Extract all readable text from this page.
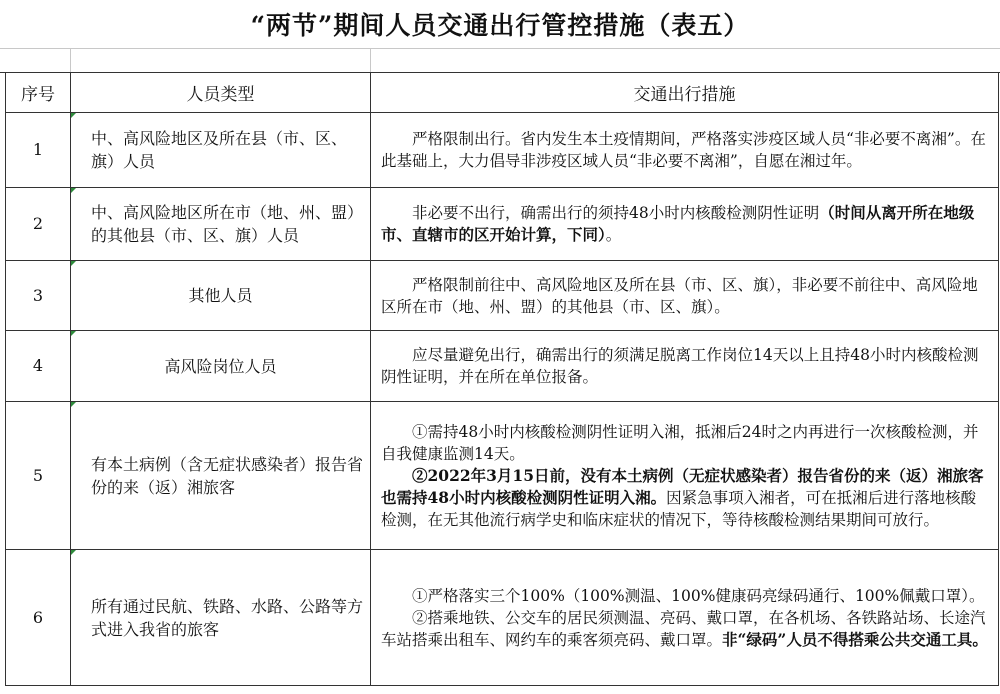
“两节”期间人员交通出行管控措施（表五）
序号	人员类型	交通出行措施
1	中、高风险地区及所在县（市、区、旗）人员	严格限制出行。省内发生本土疫情期间，严格落实涉疫区域人员“非必要不离湘”。在此基础上，大力倡导非涉疫区域人员“非必要不离湘”，自愿在湘过年。

2	中、高风险地区所在市（地、州、盟）的其他县（市、区、旗）人员	非必要不出行，确需出行的须持48小时内核酸检测阴性证明（时间从离开所在地级市、直辖市的区开始计算，下同）。

3	其他人员	严格限制前往中、高风险地区及所在县（市、区、旗），非必要不前往中、高风险地区所在市（地、州、盟）的其他县（市、区、旗）。

4	高风险岗位人员	应尽量避免出行，确需出行的须满足脱离工作岗位14天以上且持48小时内核酸检测阴性证明，并在所在单位报备。

5	有本土病例（含无症状感染者）报告省份的来（返）湘旅客	①需持48小时内核酸检测阴性证明入湘，抵湘后24时之内再进行一次核酸检测，并自我健康监测14天。

②2022年3月15日前，没有本土病例（无症状感染者）报告省份的来（返）湘旅客也需持48小时内核酸检测阴性证明入湘。因紧急事项入湘者，可在抵湘后进行落地核酸检测，在无其他流行病学史和临床症状的情况下，等待核酸检测结果期间可放行。

6	所有通过民航、铁路、水路、公路等方式进入我省的旅客	①严格落实三个100%（100%测温、100%健康码亮绿码通行、100%佩戴口罩）。

②搭乘地铁、公交车的居民须测温、亮码、戴口罩，在各机场、各铁路站场、长途汽车站搭乘出租车、网约车的乘客须亮码、戴口罩。非“绿码”人员不得搭乘公共交通工具。
